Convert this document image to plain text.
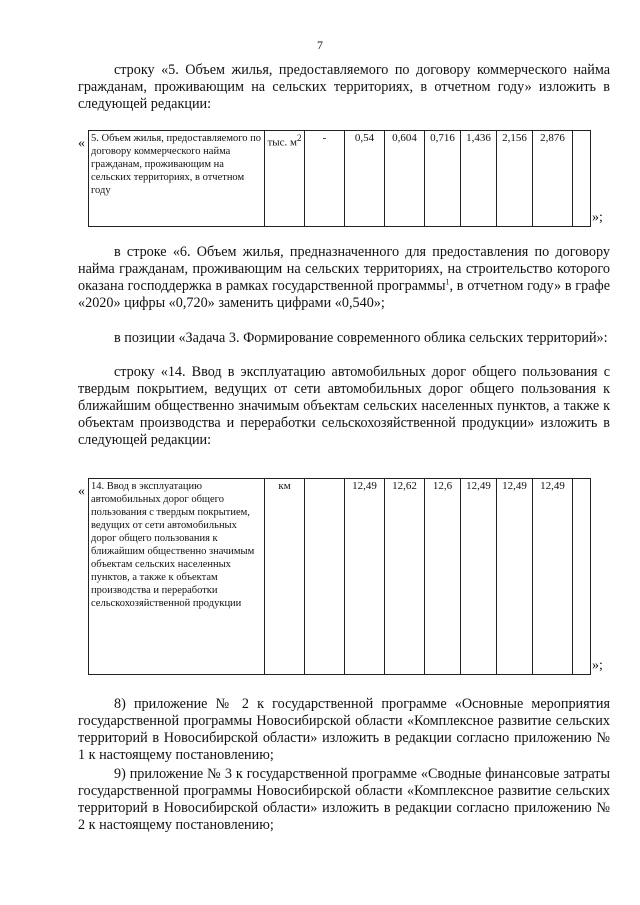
7

строку «5. Объем жилья, предоставляемого по договору коммерческого найма гражданам, проживающим на сельских территориях, в отчетном году» изложить в следующей редакции:

« 5. Объем жилья, предоставляемого по договору коммерческого найма гражданам, проживающим на сельских территориях, в отчетном году	тыс. $м^2$	-	0,54	0,604	0,716	1,436	2,156	2,876	
»;

в строке «6. Объем жилья, предназначенного для предоставления по договору найма гражданам, проживающим на сельских территориях, на строительство которого оказана господдержка в рамках государственной программы$^1$, в отчетном году» в графе «2020» цифры «0,720» заменить цифрами «0,540»;

в позиции «Задача 3. Формирование современного облика сельских территорий»:

строку «14. Ввод в эксплуатацию автомобильных дорог общего пользования с твердым покрытием, ведущих от сети автомобильных дорог общего пользования к ближайшим общественно значимым объектам сельских населенных пунктов, а также к объектам производства и переработки сельскохозяйственной продукции» изложить в следующей редакции:

« 14. Ввод в эксплуатацию автомобильных дорог общего пользования с твердым покрытием, ведущих от сети автомобильных дорог общего пользования к ближайшим общественно значимым объектам сельских населенных пунктов, а также к объектам производства и переработки сельскохозяйственной продукции	км		12,49	12,62	12,6	12,49	12,49	12,49	
»;

8) приложение № 2 к государственной программе «Основные мероприятия государственной программы Новосибирской области «Комплексное развитие сельских территорий в Новосибирской области» изложить в редакции согласно приложению № 1 к настоящему постановлению;

9) приложение № 3 к государственной программе «Сводные финансовые затраты государственной программы Новосибирской области «Комплексное развитие сельских территорий в Новосибирской области» изложить в редакции согласно приложению № 2 к настоящему постановлению;
